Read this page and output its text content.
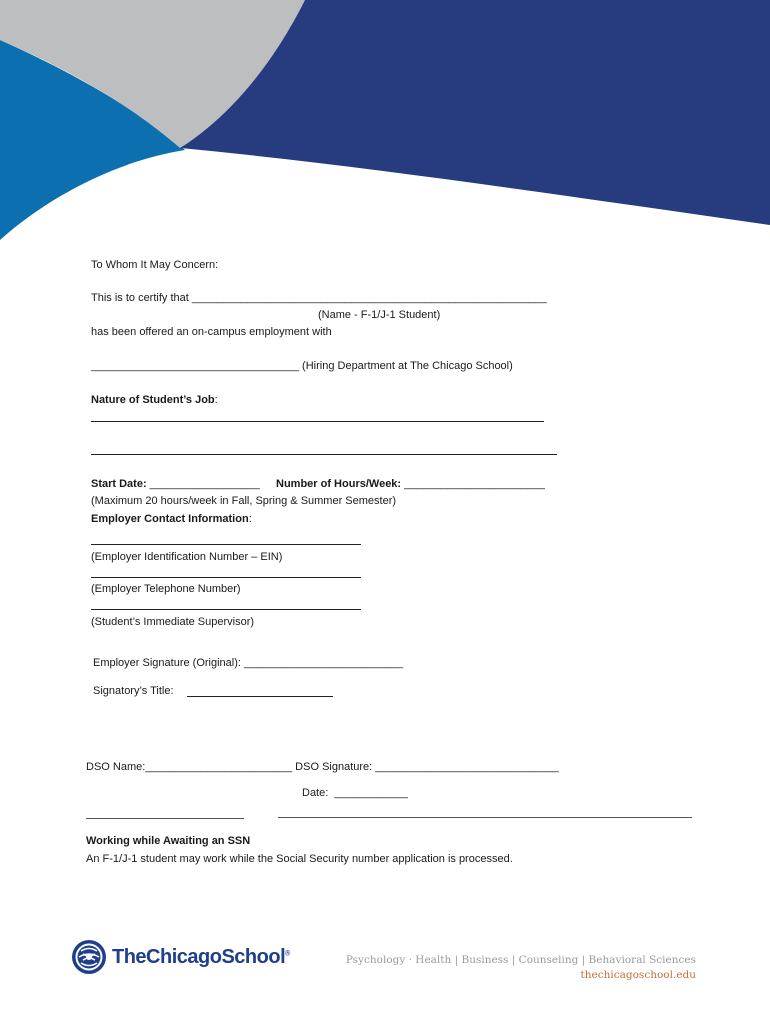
To Whom It May Concern:
This is to certify that __________________________________________________________
(Name - F-1/J-1 Student)
has been offered an on-campus employment with
__________________________________ (Hiring Department at The Chicago School)
Nature of Student’s Job:
Start Date: __________________ Number of Hours/Week: _______________________
(Maximum 20 hours/week in Fall, Spring & Summer Semester)
Employer Contact Information:
(Employer Identification Number – EIN)
(Employer Telephone Number)
(Student’s Immediate Supervisor)
Employer Signature (Original): __________________________
Signatory’s Title:
DSO Name:________________________ DSO Signature: ______________________________
Date:  ____________
Working while Awaiting an SSN
An F-1/J-1 student may work while the Social Security number application is processed.
TheChicagoSchool®
Psychology · Health | Business | Counseling | Behavioral Sciences
thechicagoschool.edu
